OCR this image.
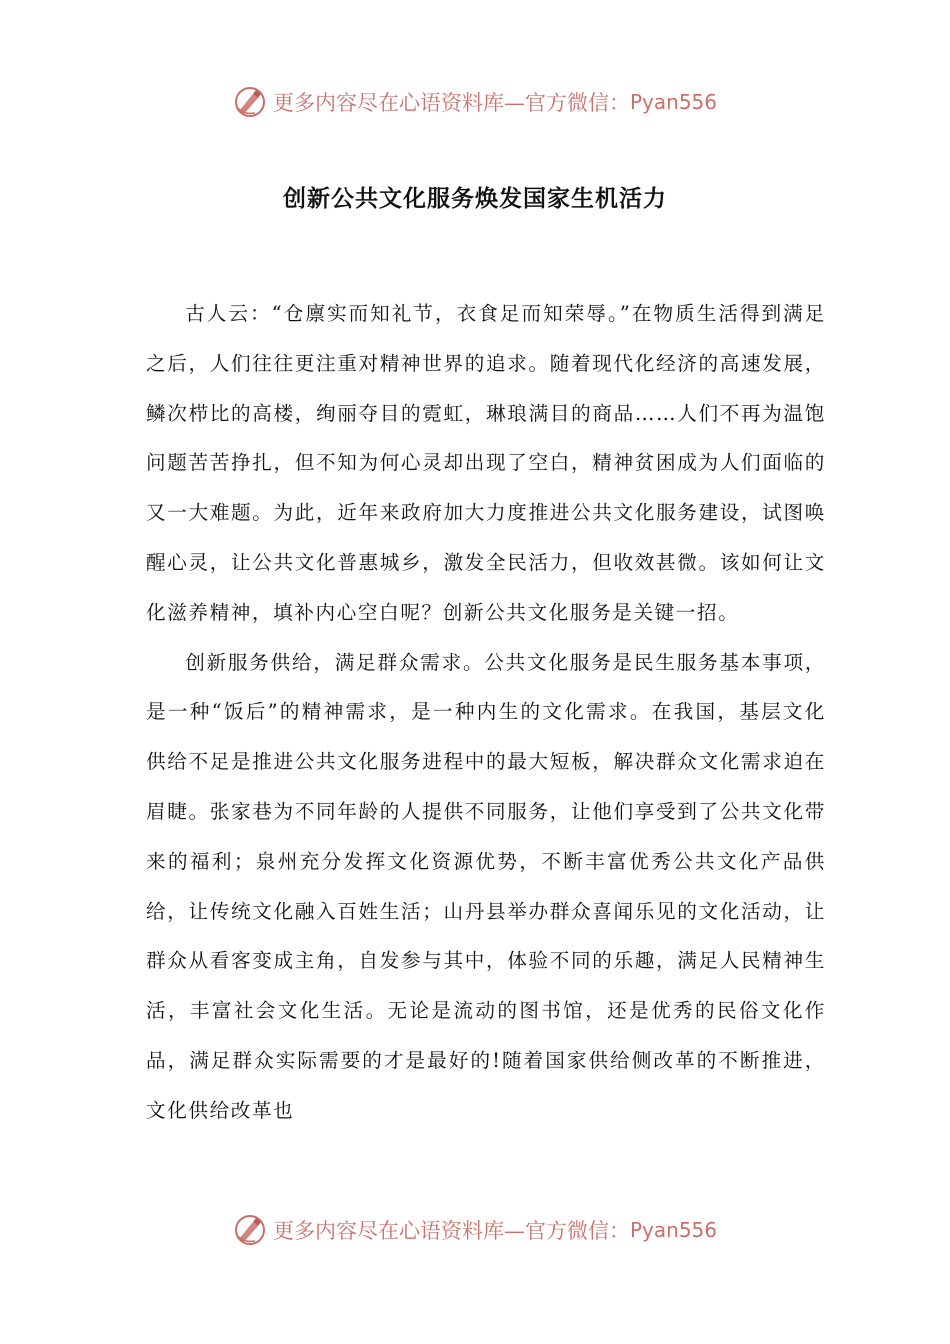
更多内容尽在心语资料库—官方微信： Pyan556
创新公共文化服务焕发国家生机活力

古人云：“仓廪实而知礼节，衣食足而知荣辱。”在物质生活得到满足之后，人们往往更注重对精神世界的追求。随着现代化经济的高速发展，鳞次栉比的高楼，绚丽夺目的霓虹，琳琅满目的商品……人们不再为温饱问题苦苦挣扎，但不知为何心灵却出现了空白，精神贫困成为人们面临的又一大难题。为此，近年来政府加大力度推进公共文化服务建设，试图唤醒心灵，让公共文化普惠城乡，激发全民活力，但收效甚微。该如何让文化滋养精神，填补内心空白呢？创新公共文化服务是关键一招。

创新服务供给，满足群众需求。公共文化服务是民生服务基本事项，是一种“饭后”的精神需求，是一种内生的文化需求。在我国，基层文化供给不足是推进公共文化服务进程中的最大短板，解决群众文化需求迫在眉睫。张家巷为不同年龄的人提供不同服务，让他们享受到了公共文化带来的福利；泉州充分发挥文化资源优势，不断丰富优秀公共文化产品供给，让传统文化融入百姓生活；山丹县举办群众喜闻乐见的文化活动，让群众从看客变成主角，自发参与其中，体验不同的乐趣，满足人民精神生活，丰富社会文化生活。无论是流动的图书馆，还是优秀的民俗文化作品，满足群众实际需要的才是最好的!随着国家供给侧改革的不断推进，文化供给改革也

更多内容尽在心语资料库—官方微信： Pyan556
